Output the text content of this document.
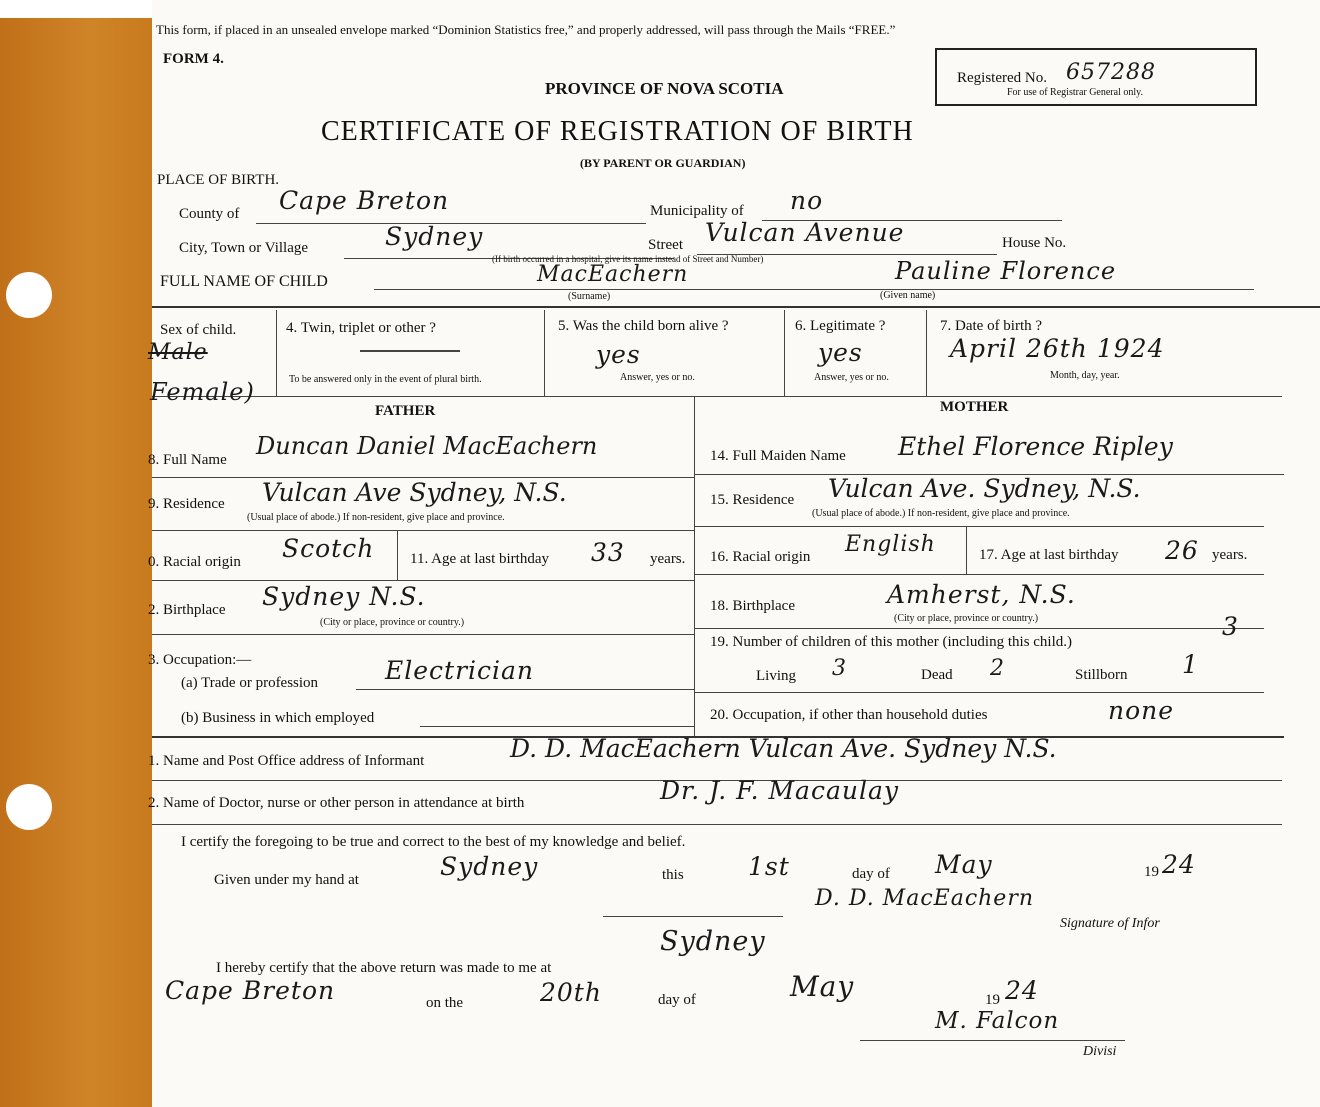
This form, if placed in an unsealed envelope marked “Dominion Statistics free,” and properly addressed, will pass through the Mails “FREE.”
FORM 4.
PROVINCE OF NOVA SCOTIA
Registered No. 657288
For use of Registrar General only.
CERTIFICATE OF REGISTRATION OF BIRTH
(BY PARENT OR GUARDIAN)
PLACE OF BIRTH.
County of Cape Breton	Municipality of no
City, Town or Village	Sydney	Street Vulcan Avenue	House No.
(If birth occurred in a hospital, give its name instead of Street and Number)
FULL NAME OF CHILD	MacEachern
(Surname)
Pauline Florence
(Given name)
Sex of child.
Male
Female)
4. Twin, triplet or other ?
To be answered only in the event of plural birth.
5. Was the child born alive ?
yes
Answer, yes or no.
6. Legitimate ?
yes
Answer, yes or no.
7. Date of birth ?
April 26th 1924
Month, day, year.
FATHER	MOTHER
8. Full Name Duncan Daniel MacEachern
9. Residence Vulcan Ave Sydney, N.S.
(Usual place of abode.) If non-resident, give place and province.
0. Racial origin Scotch 11. Age at last birthday 33 years.
2. Birthplace Sydney N.S.
(City or place, province or country.)
3. Occupation:—
(a) Trade or profession	Electrician
(b) Business in which employed
14. Full Maiden Name Ethel Florence Ripley
15. Residence Vulcan Ave. Sydney, N.S.
(Usual place of abode.) If non-resident, give place and province.
16. Racial origin English	17. Age at last birthday 26 years.
18. Birthplace	Amherst, N.S.
(City or place, province or country.)
19. Number of children of this mother (including this child.)
3
Living 3	Dead 2	Stillborn 1
20. Occupation, if other than household duties	none
1. Name and Post Office address of Informant	D. D. MacEachern Vulcan Ave. Sydney N.S.
2. Name of Doctor, nurse or other person in attendance at birth	Dr. J. F. Macaulay
I certify the foregoing to be true and correct to the best of my knowledge and belief.
Given under my hand at	Sydney	this	1st	day of May	19 24
D. D. MacEachern
Signature of Infor
Sydney
I hereby certify that the above return was made to me at
Cape Breton	on the	20th	day of	May	19 24
M. Falcon
Divisi
